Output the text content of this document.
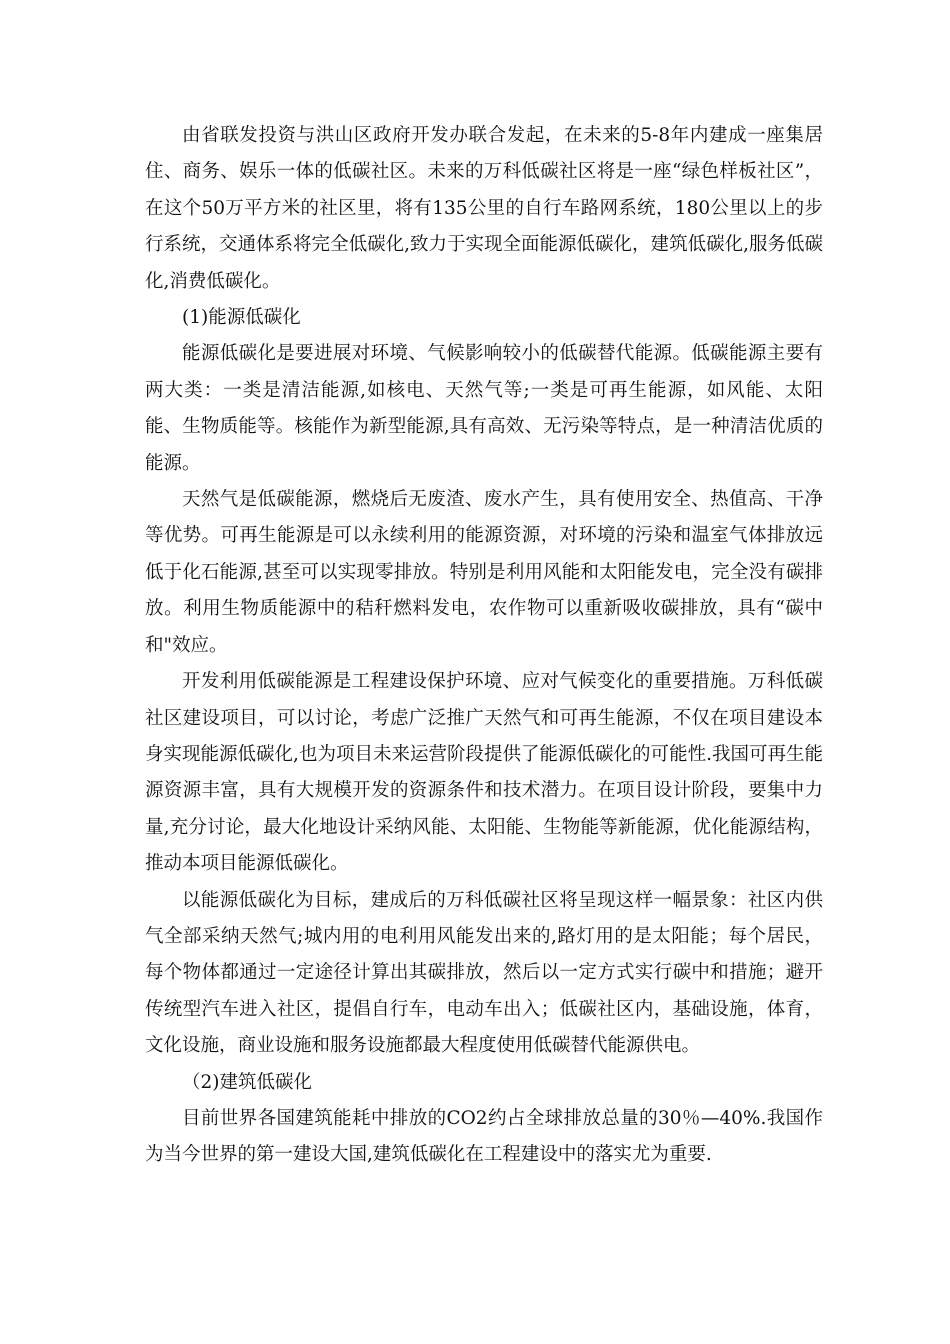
由省联发投资与洪山区政府开发办联合发起，在未来的5-8年内建成一座集居住、商务、娱乐一体的低碳社区。未来的万科低碳社区将是一座“绿色样板社区”，在这个50万平方米的社区里，将有135公里的自行车路网系统，180公里以上的步行系统，交通体系将完全低碳化,致力于实现全面能源低碳化，建筑低碳化,服务低碳化,消费低碳化。

(1)能源低碳化

能源低碳化是要进展对环境、气候影响较小的低碳替代能源。低碳能源主要有两大类：一类是清洁能源,如核电、天然气等;一类是可再生能源，如风能、太阳能、生物质能等。核能作为新型能源,具有高效、无污染等特点，是一种清洁优质的能源。

天然气是低碳能源，燃烧后无废渣、废水产生，具有使用安全、热值高、干净等优势。可再生能源是可以永续利用的能源资源，对环境的污染和温室气体排放远低于化石能源,甚至可以实现零排放。特别是利用风能和太阳能发电，完全没有碳排放。利用生物质能源中的秸秆燃料发电，农作物可以重新吸收碳排放，具有“碳中和"效应。

开发利用低碳能源是工程建设保护环境、应对气候变化的重要措施。万科低碳社区建设项目，可以讨论，考虑广泛推广天然气和可再生能源，不仅在项目建设本身实现能源低碳化,也为项目未来运营阶段提供了能源低碳化的可能性.我国可再生能源资源丰富，具有大规模开发的资源条件和技术潜力。在项目设计阶段，要集中力量,充分讨论，最大化地设计采纳风能、太阳能、生物能等新能源，优化能源结构，推动本项目能源低碳化。

以能源低碳化为目标，建成后的万科低碳社区将呈现这样一幅景象：社区内供气全部采纳天然气;城内用的电利用风能发出来的,路灯用的是太阳能；每个居民，每个物体都通过一定途径计算出其碳排放，然后以一定方式实行碳中和措施；避开传统型汽车进入社区，提倡自行车，电动车出入；低碳社区内，基础设施，体育，文化设施，商业设施和服务设施都最大程度使用低碳替代能源供电。

（2)建筑低碳化

目前世界各国建筑能耗中排放的CO2约占全球排放总量的30％—40%.我国作为当今世界的第一建设大国,建筑低碳化在工程建设中的落实尤为重要.
